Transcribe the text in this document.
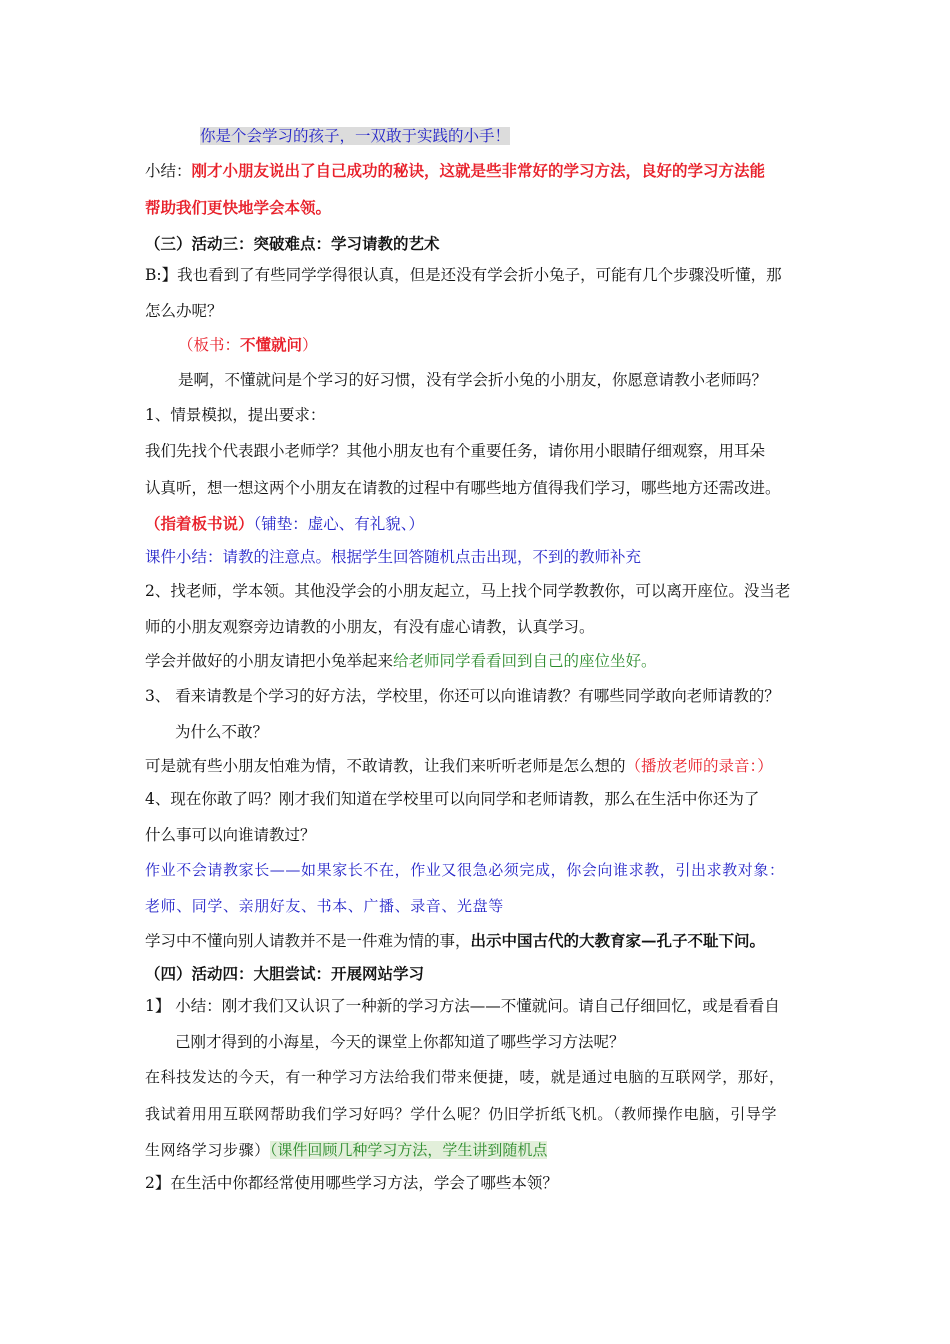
你是个会学习的孩子，一双敢于实践的小手！
小结：刚才小朋友说出了自己成功的秘诀，这就是些非常好的学习方法，良好的学习方法能
帮助我们更快地学会本领。
（三）活动三：突破难点：学习请教的艺术
B:】我也看到了有些同学学得很认真，但是还没有学会折小兔子，可能有几个步骤没听懂，那
怎么办呢？
（板书：不懂就问）
是啊，不懂就问是个学习的好习惯，没有学会折小兔的小朋友，你愿意请教小老师吗？
1、情景模拟，提出要求：
我们先找个代表跟小老师学？其他小朋友也有个重要任务，请你用小眼睛仔细观察，用耳朵
认真听，想一想这两个小朋友在请教的过程中有哪些地方值得我们学习，哪些地方还需改进。
（指着板书说）（铺垫：虚心、有礼貌、）
课件小结：请教的注意点。根据学生回答随机点击出现，不到的教师补充
2、找老师，学本领。其他没学会的小朋友起立，马上找个同学教教你，可以离开座位。没当老
师的小朋友观察旁边请教的小朋友，有没有虚心请教，认真学习。
学会并做好的小朋友请把小兔举起来给老师同学看看回到自己的座位坐好。
3、 看来请教是个学习的好方法，学校里，你还可以向谁请教？有哪些同学敢向老师请教的？
为什么不敢？
可是就有些小朋友怕难为情，不敢请教，让我们来听听老师是怎么想的（播放老师的录音：）
4、现在你敢了吗？刚才我们知道在学校里可以向同学和老师请教，那么在生活中你还为了
什么事可以向谁请教过？
作业不会请教家长——如果家长不在，作业又很急必须完成，你会向谁求教，引出求教对象：
老师、同学、亲朋好友、书本、广播、录音、光盘等
学习中不懂向别人请教并不是一件难为情的事，出示中国古代的大教育家—孔子不耻下问。
（四）活动四：大胆尝试：开展网站学习
1】 小结：刚才我们又认识了一种新的学习方法——不懂就问。请自己仔细回忆，或是看看自
己刚才得到的小海星，今天的课堂上你都知道了哪些学习方法呢？
在科技发达的今天，有一种学习方法给我们带来便捷，唛，就是通过电脑的互联网学，那好，
我试着用用互联网帮助我们学习好吗？学什么呢？仍旧学折纸飞机。（教师操作电脑，引导学
生网络学习步骤）（课件回顾几种学习方法，学生讲到随机点
2】在生活中你都经常使用哪些学习方法，学会了哪些本领？
